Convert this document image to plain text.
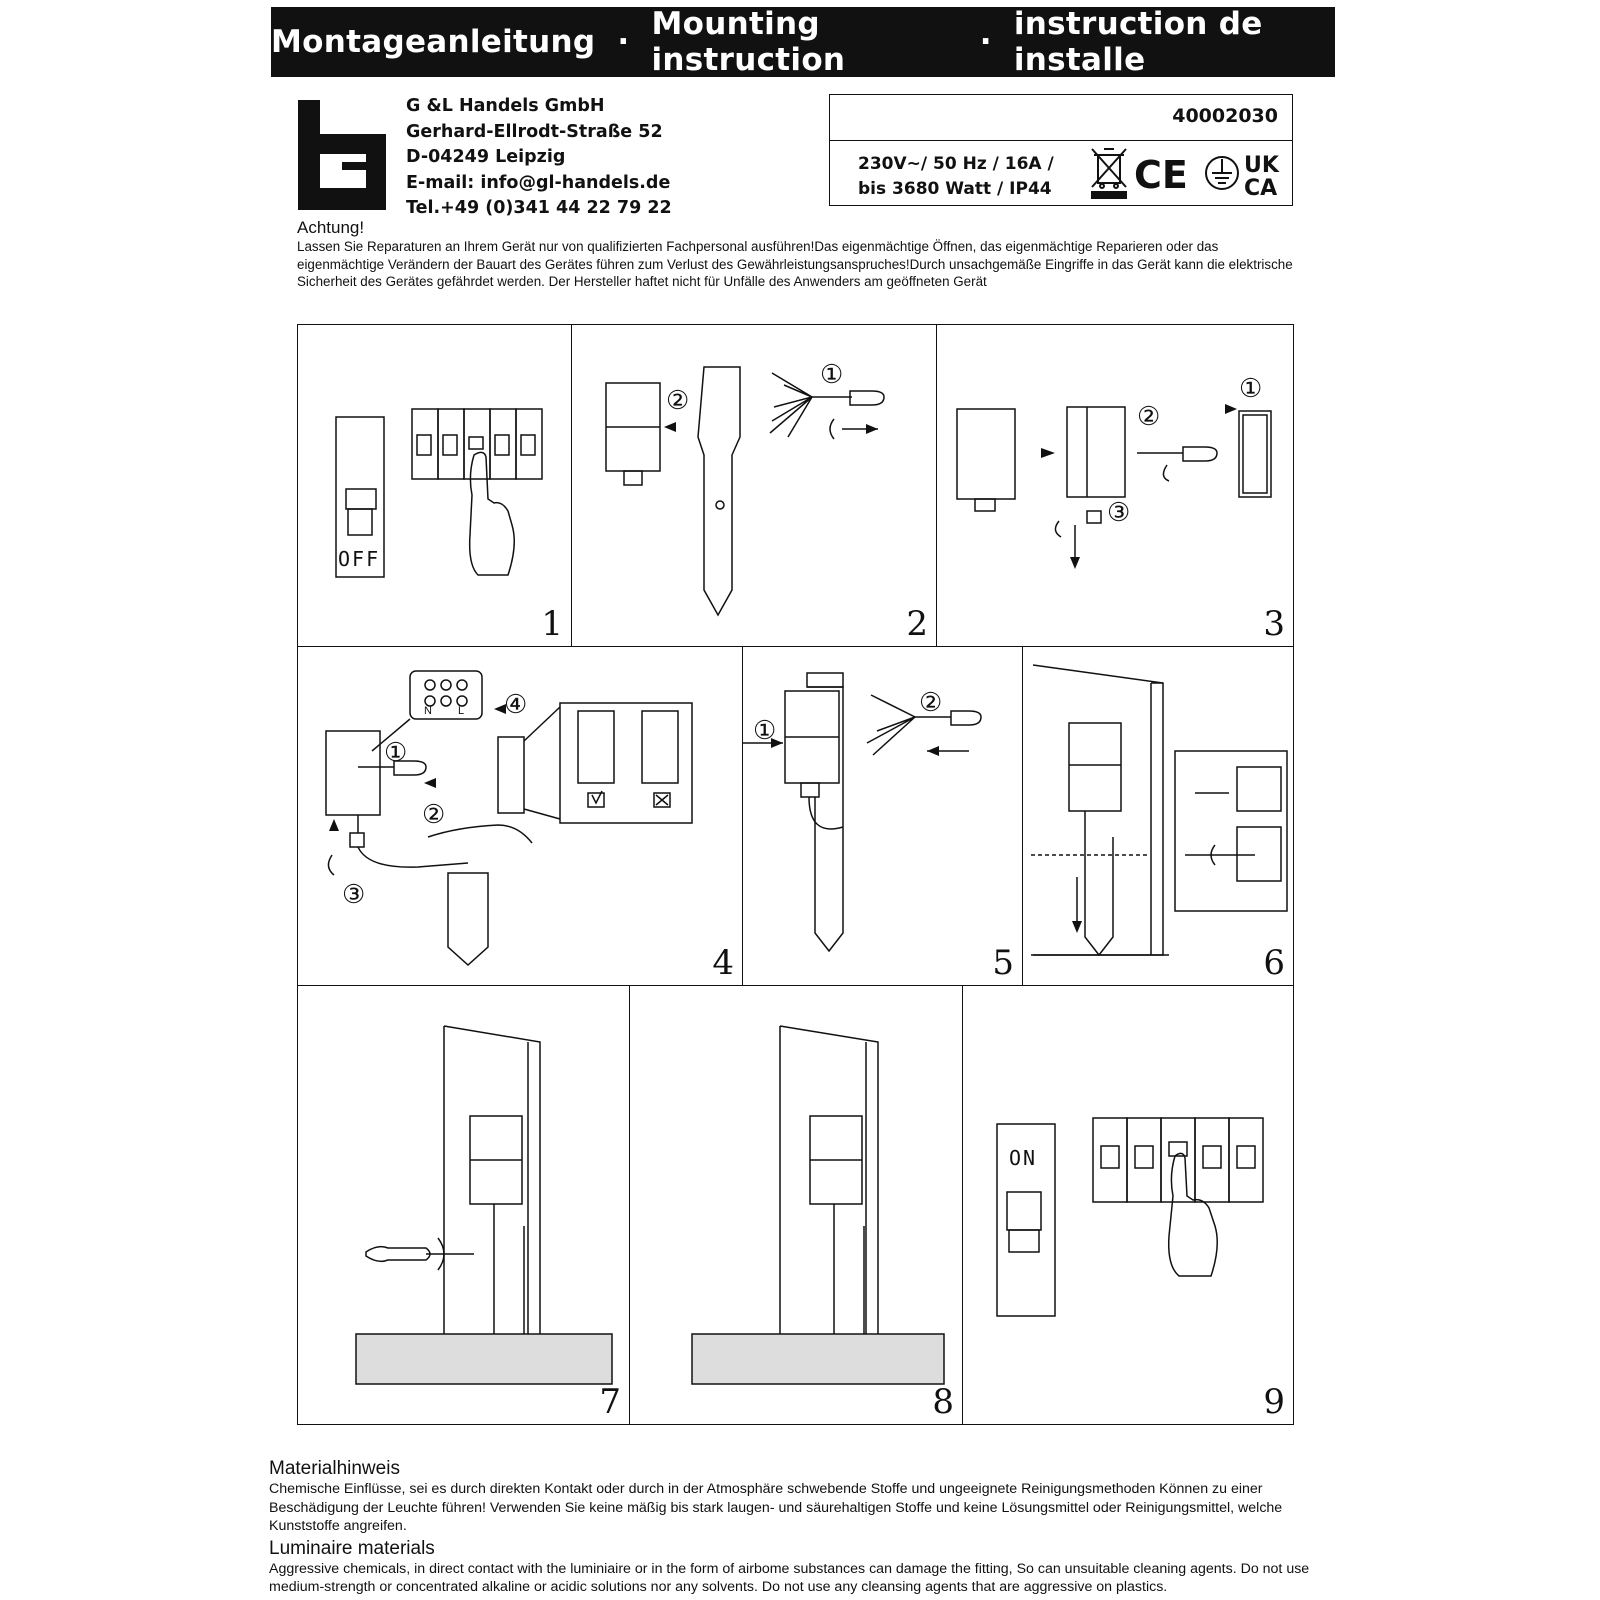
Montageanleitung · Mounting instruction	· instruction de installe
G &L Handels GmbH
Gerhard-Ellrodt-Straße 52
D-04249 Leipzig
E-mail: info@gl-handels.de
Tel.+49 (0)341 44 22 79 22
40002030
230V~/ 50 Hz / 16A /
bis 3680 Watt / IP44 CE	UK
CA
Achtung!
Lassen Sie Reparaturen an Ihrem Gerät nur von qualifizierten Fachpersonal ausführen!Das eigenmächtige Öffnen, das eigenmächtige Reparieren oder das eigenmächtige Verändern der Bauart des Gerätes führen zum Verlust des Gewährleistungsanspruches!Durch unsachgemäße Eingriffe in das Gerät kann die elektrische Sicherheit des Gerätes gefährdet werden. Der Hersteller haftet nicht für Unfälle des Anwenders am geöffneten Gerät
OFF
1
①
②
2
①
②
③
3
N L
①
②
③
④
4
①
②
5	6
7	8
ON
9
Materialhinweis
Chemische Einflüsse, sei es durch direkten Kontakt oder durch in der Atmosphäre schwebende Stoffe und ungeeignete Reinigungsmethoden Können zu einer Beschädigung der Leuchte führen! Verwenden Sie keine mäßig bis stark laugen- und säurehaltigen Stoffe und keine Lösungsmittel oder Reinigungsmittel, welche Kunststoffe angreifen.
Luminaire materials
Aggressive chemicals, in direct contact with the luminiaire or in the form of airbome substances can damage the fitting, So can unsuitable cleaning agents. Do not use medium-strength or concentrated alkaline or acidic solutions nor any solvents. Do not use any cleansing agents that are aggressive on plastics.
